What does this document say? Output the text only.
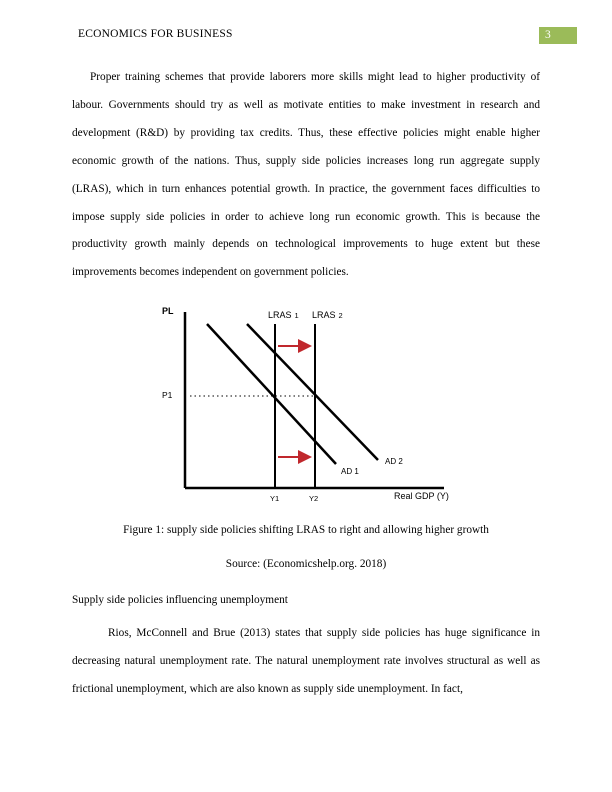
ECONOMICS FOR BUSINESS	3

Proper training schemes that provide laborers more skills might lead to higher productivity of labour. Governments should try as well as motivate entities to make investment in research and development (R&D) by providing tax credits. Thus, these effective policies might enable higher economic growth of the nations. Thus, supply side policies increases long run aggregate supply (LRAS), which in turn enhances potential growth. In practice, the government faces difficulties to impose supply side policies in order to achieve long run economic growth. This is because the productivity growth mainly depends on technological improvements to huge extent but these improvements becomes independent on government policies.

PL
Real GDP (Y)
P1
LRAS 1 LRAS 2
AD 1
AD 2
Y1	Y2
Figure 1: supply side policies shifting LRAS to right and allowing higher growth
Source: (Economicshelp.org. 2018)
Supply side policies influencing unemployment

Rios, McConnell and Brue (2013) states that supply side policies has huge significance in decreasing natural unemployment rate. The natural unemployment rate involves structural as well as frictional unemployment, which are also known as supply side unemployment. In fact,
